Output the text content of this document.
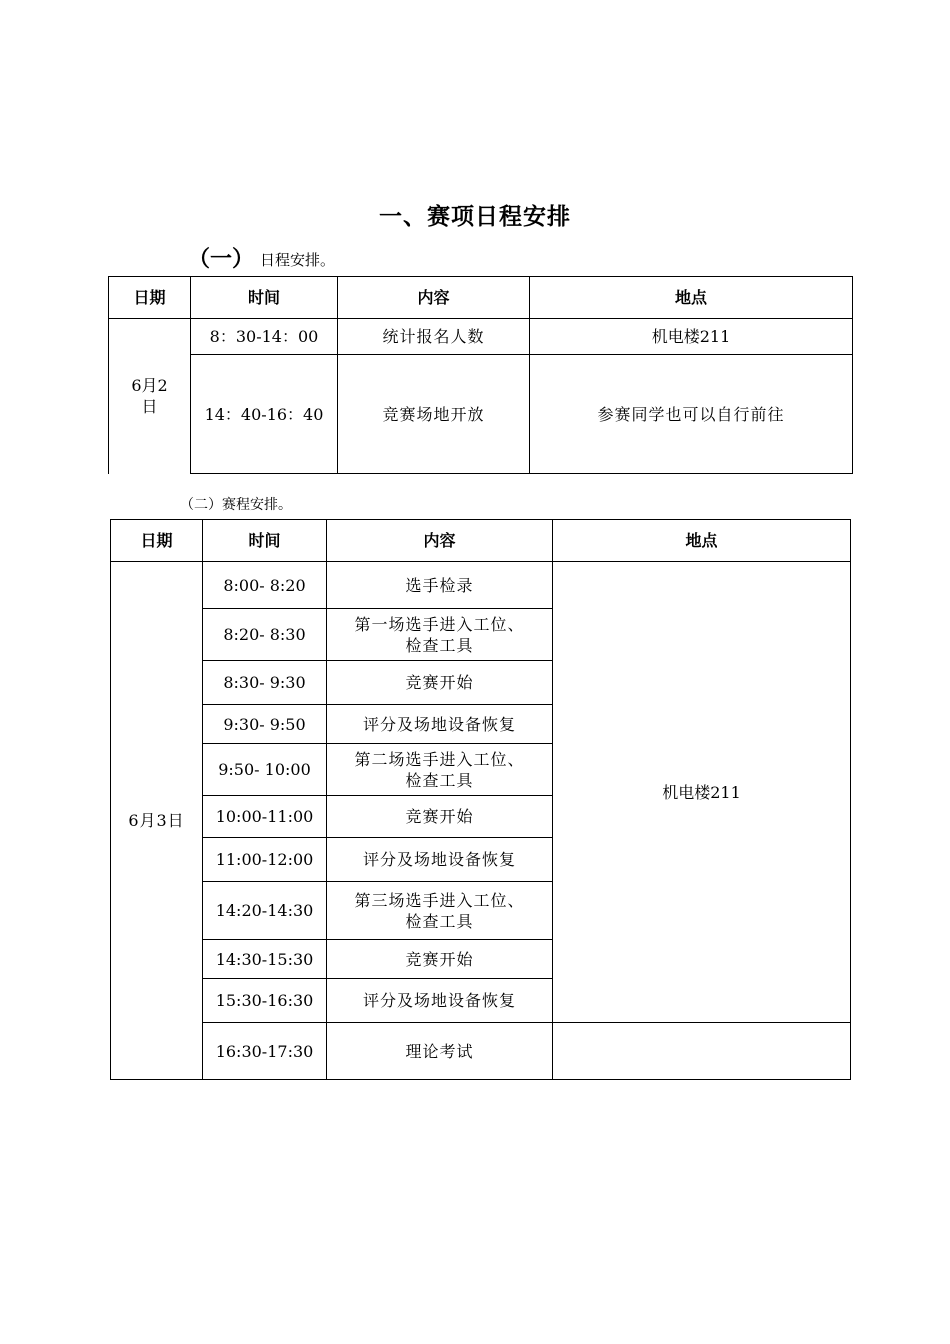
一、赛项日程安排
（一） 日程安排。
日期	时间	内容	地点

6月2
日	8：30-14：00	统计报名人数	机电楼211
	14：40-16：40	竞赛场地开放	参赛同学也可以自行前往
（二）赛程安排。
日期	时间	内容	地点
6月3日	8:00- 8:20	选手检录	机电楼211
	8:20- 8:30	第一场选手进入工位、
检查工具	

	8:30- 9:30	竞赛开始	
	9:30- 9:50	评分及场地设备恢复	
	9:50- 10:00	第二场选手进入工位、
检查工具	

	10:00-11:00	竞赛开始	
	11:00-12:00	评分及场地设备恢复	
	14:20-14:30	第三场选手进入工位、
检查工具	

	14:30-15:30	竞赛开始	
	15:30-16:30	评分及场地设备恢复	
	16:30-17:30	理论考试	
